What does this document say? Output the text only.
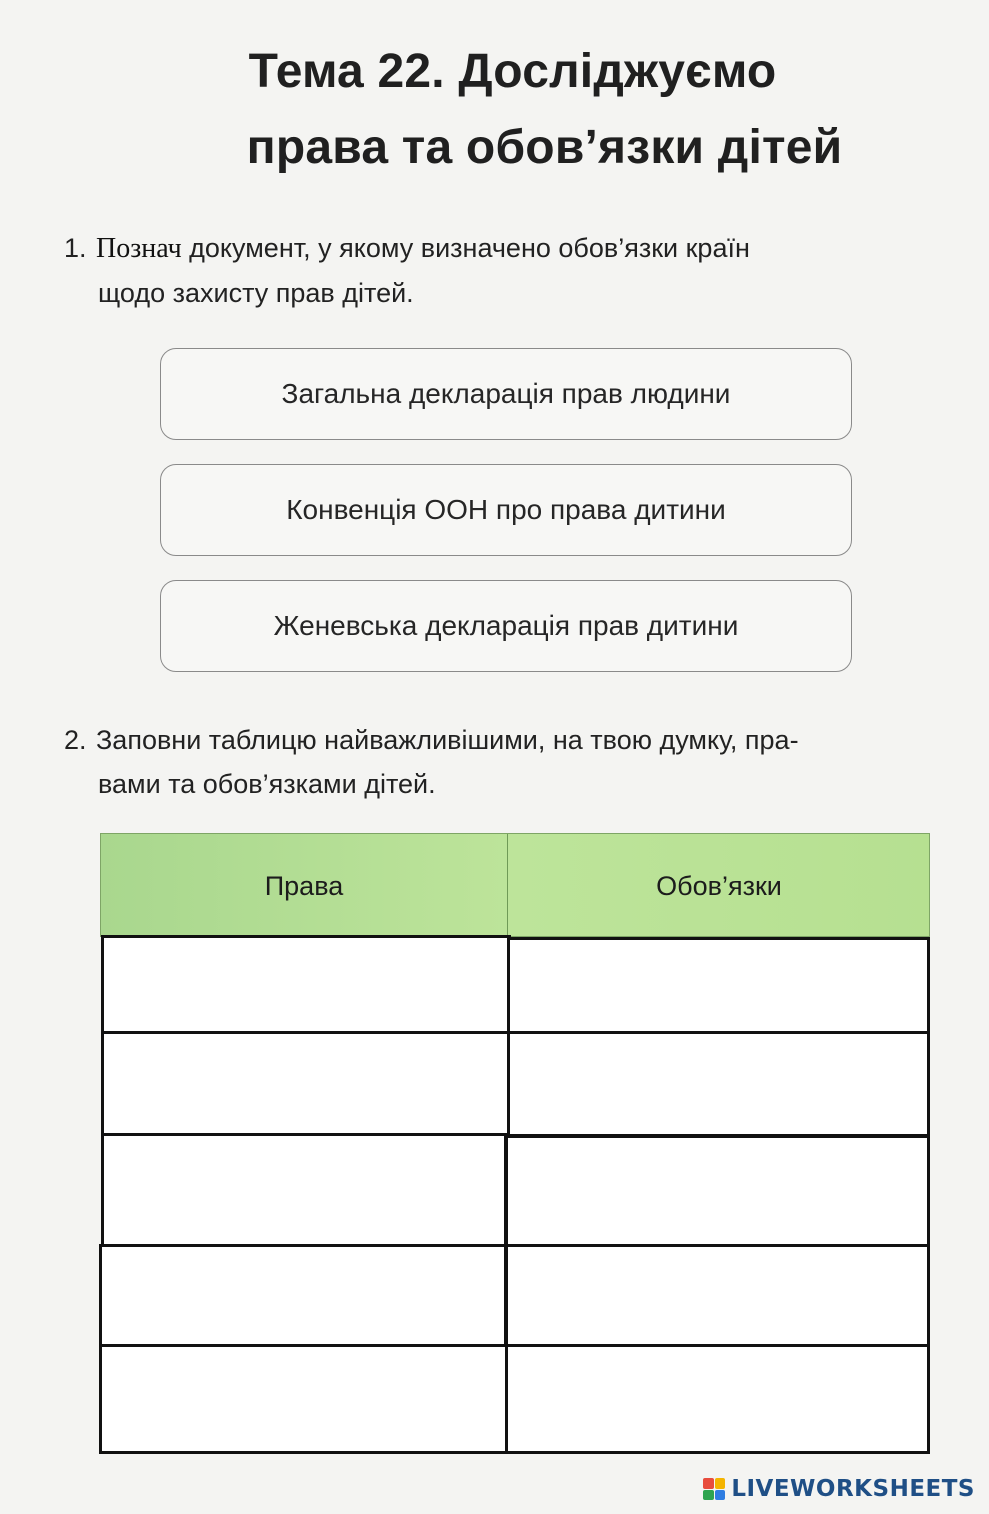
Тема 22. Досліджуємо
права та обов’язки дітей
1. Познач документ, у якому визначено обов’язки країн
щодо захисту прав дітей.
Загальна декларація прав людини
Конвенція ООН про права дитини
Женевська декларація прав дитини
2. Заповни таблицю найважливішими, на твою думку, пра-
вами та обов’язками дітей.
Права	Обов’язки
LIVEWORKSHEETS
